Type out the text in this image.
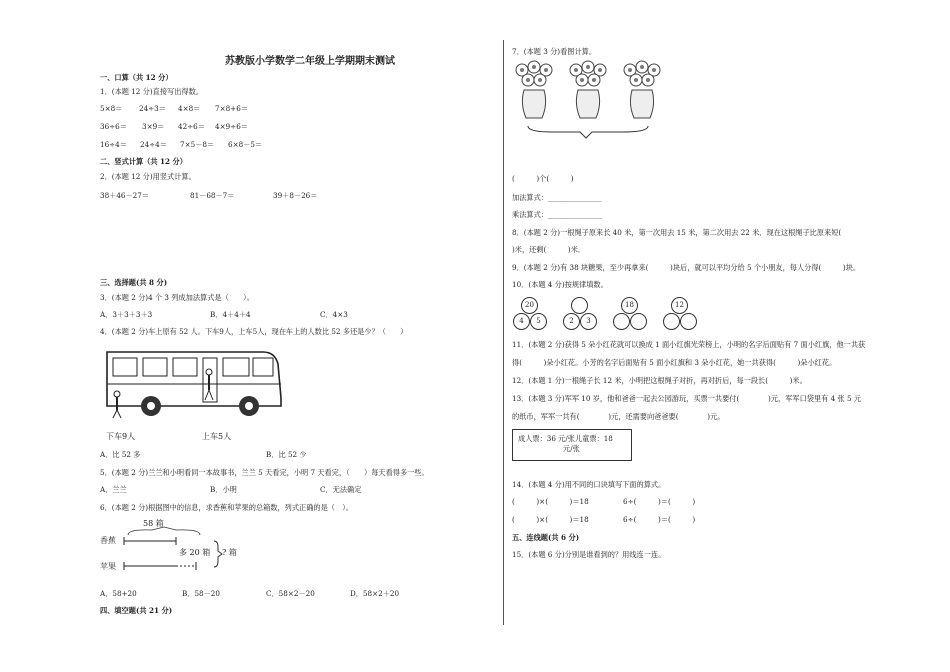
苏教版小学数学二年级上学期期末测试
一、口算（共 12 分）
1．(本题 12 分)直接写出得数。
5×8＝ 24÷3＝ 4×8＝ 7×8+6＝
36÷6＝ 3×9＝ 42÷6＝ 4×9÷6＝
16÷4＝ 24÷4＝ 7×5－8＝ 6×8－5＝
二、竖式计算（共 12 分）
2．(本题 12 分)用竖式计算。
38＋46－27＝	81－68－7＝	39＋8－26＝
三、选择题(共 8 分)
3．(本题 2 分)4 个 3 列成加法算式是（　　）。
A．3＋3＋3＋3	B．4＋4＋4	C．4×3
4．(本题 2 分)车上原有 52 人。下车9人，上车5人，现在车上的人数比 52 多还是少？（　　）
下车9人	上车5人
A．比 52 多	B．比 52 少
5．(本题 2 分)兰兰和小明看同一本故事书，兰兰 5 天看完，小明 7 天看完，（　　）每天看得多一些。
A．兰兰	B．小明	C．无法确定
6．(本题 2 分)根据图中的信息，求香蕉和苹果的总箱数，列式正确的是（　）。
58 箱
香蕉
苹果
多 20 箱 ? 箱
A．58+20	B．58－20	C．58×2－20	D．58×2＋20
四、填空题(共 21 分)
7．(本题 3 分)看图计算。
(　　　)个(　　　)
加法算式：_______________
乘法算式：_______________
8．(本题 2 分)一根绳子原来长 40 米，第一次用去 15 米，第二次用去 22 米．现在这根绳子比原来短(
)米，还剩(　　　)米．
9．(本题 2 分)有 38 块糖果，至少再拿来(　　　)块后，就可以平均分给 5 个小朋友，每人分得(　　　)块。
10．(本题 4 分)按规律填数。
20
4	5	2	3
18	12
11．(本题 2 分)获得 5 朵小红花就可以换成 1 面小红旗光荣榜上，小明的名字后面贴有 7 面小红旗，他一共获
得(　　　)朵小红花。小芳的名字后面贴有 5 面小红旗和 3 朵小红花，她一共获得(　　　)朵小红花。
12．(本题 1 分)一根绳子长 12 米，小明把这根绳子对折，再对折后，每一段长(　　　)米。
13．(本题 3 分)军军 10 岁，他和爸爸一起去公园游玩，买票一共要付(　　　　)元，军军口袋里有 4 张 5 元
的纸币，军军一共有(　　　　)元，还需要向爸爸要(　　　　)元。
成人票：36 元/张儿童票：18
元/张
14．(本题 4 分)用不同的口诀填写下面的算式。
(　　　)×(　　　)＝18	6÷(　　　)＝(　　　)
(　　　)×(　　　)＝18	6÷(　　　)＝(　　　)
五、连线题(共 6 分)
15．(本题 6 分)分别是谁看到的？用线连一连。
